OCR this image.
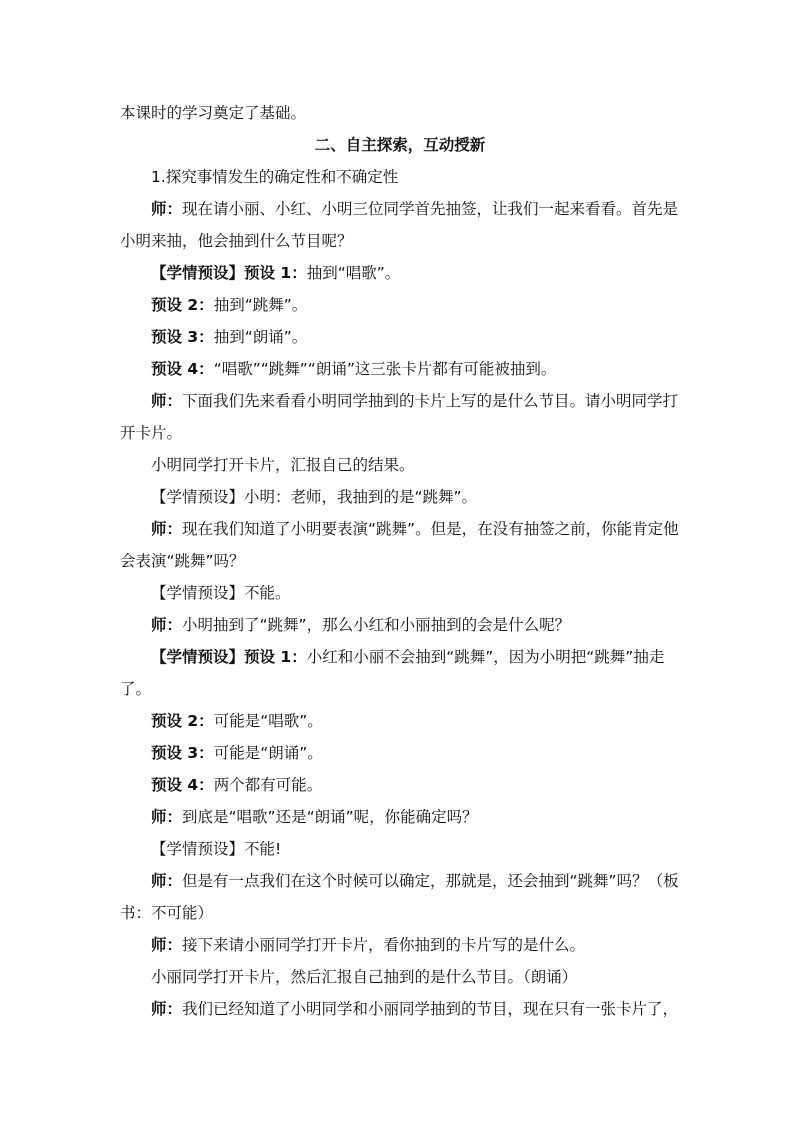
本课时的学习奠定了基础。

二、自主探索，互动授新

1.探究事情发生的确定性和不确定性

师：现在请小丽、小红、小明三位同学首先抽签，让我们一起来看看。首先是小明来抽，他会抽到什么节目呢？

【学情预设】预设 1：抽到“唱歌”。

预设 2：抽到“跳舞”。

预设 3：抽到“朗诵”。

预设 4：“唱歌”“跳舞”“朗诵”这三张卡片都有可能被抽到。

师：下面我们先来看看小明同学抽到的卡片上写的是什么节目。请小明同学打开卡片。

小明同学打开卡片，汇报自己的结果。

【学情预设】小明：老师，我抽到的是“跳舞”。

师：现在我们知道了小明要表演“跳舞”。但是，在没有抽签之前，你能肯定他会表演“跳舞”吗？

【学情预设】不能。

师：小明抽到了“跳舞”，那么小红和小丽抽到的会是什么呢？

【学情预设】预设 1：小红和小丽不会抽到“跳舞”，因为小明把“跳舞”抽走了。

预设 2：可能是“唱歌”。

预设 3：可能是“朗诵”。

预设 4：两个都有可能。

师：到底是“唱歌”还是“朗诵”呢，你能确定吗？

【学情预设】不能!

师：但是有一点我们在这个时候可以确定，那就是，还会抽到“跳舞”吗？（板书：不可能）

师：接下来请小丽同学打开卡片，看你抽到的卡片写的是什么。

小丽同学打开卡片，然后汇报自己抽到的是什么节目。（朗诵）

师：我们已经知道了小明同学和小丽同学抽到的节目，现在只有一张卡片了，
